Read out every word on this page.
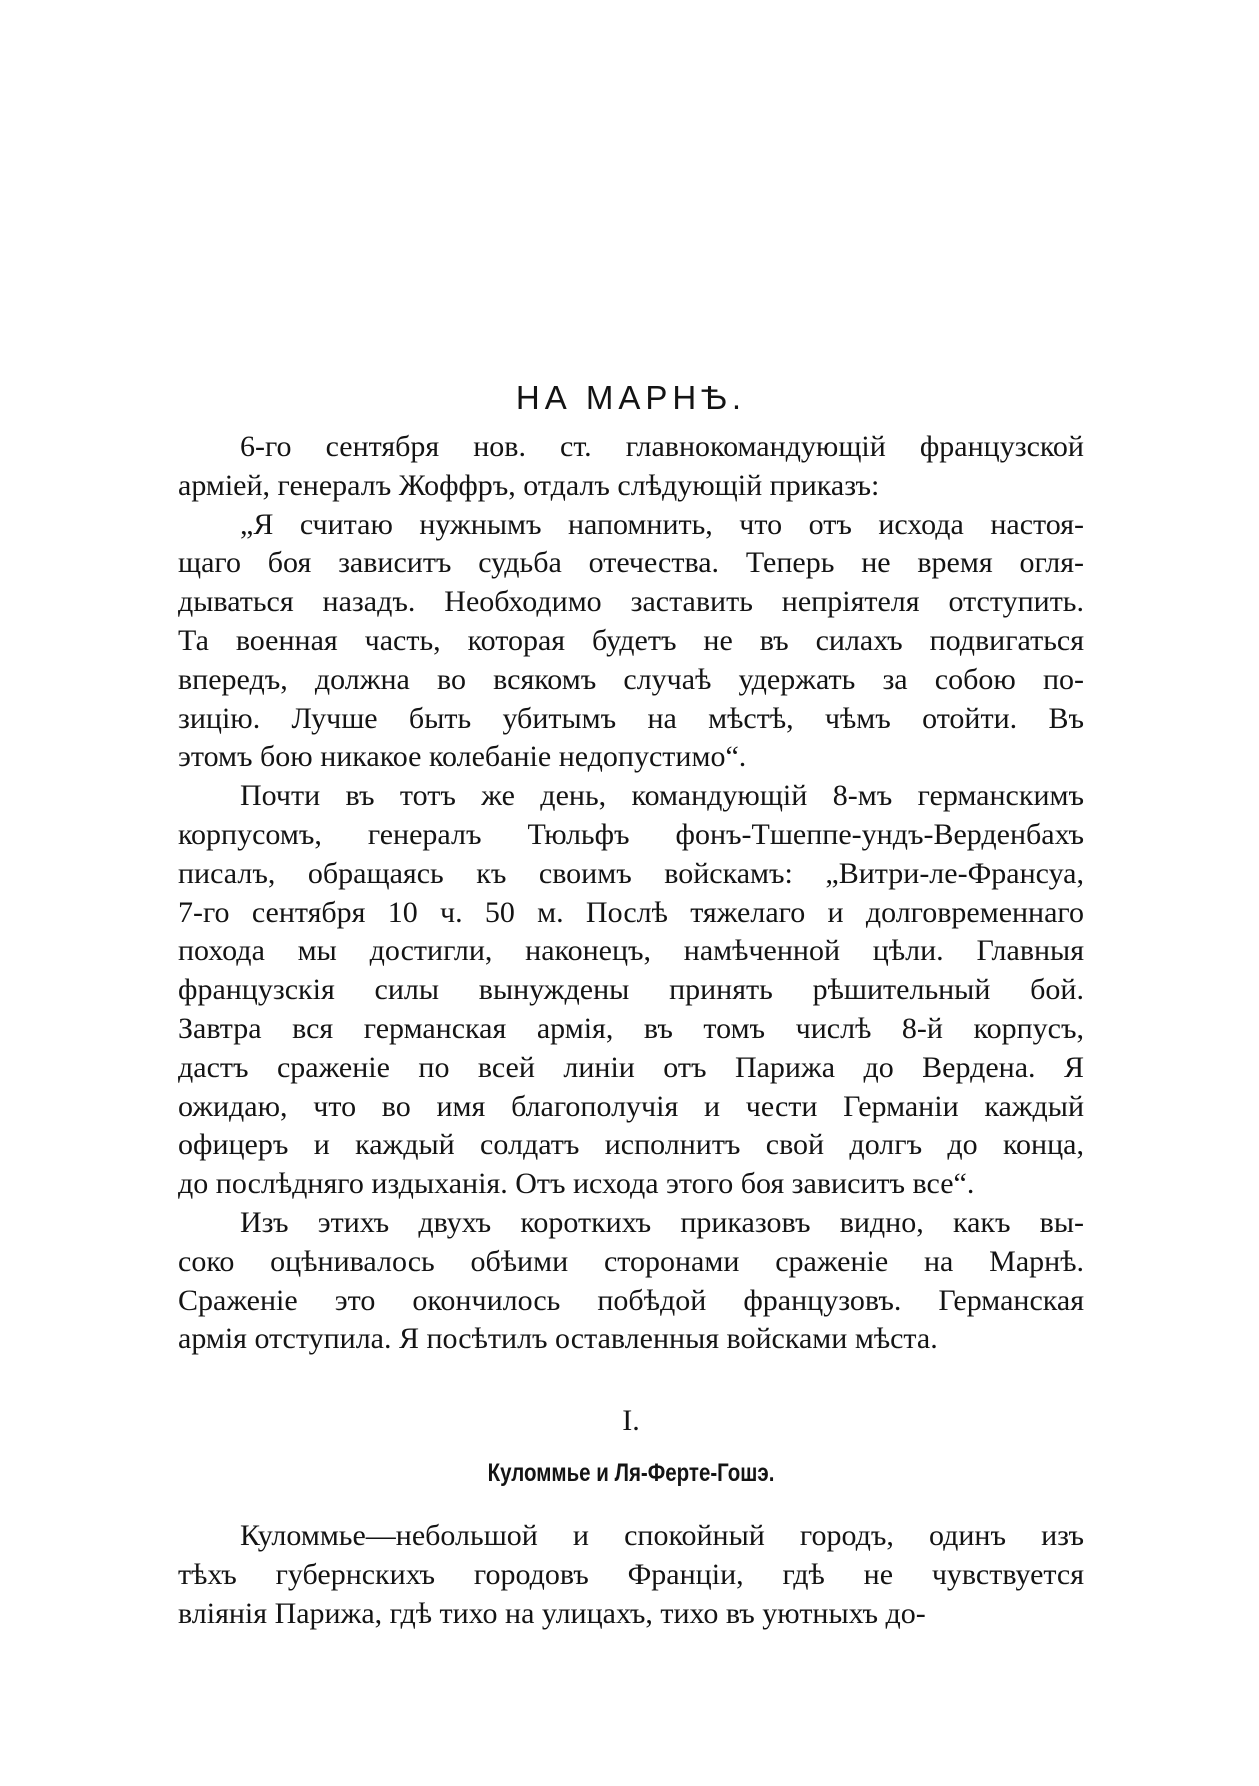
НА МАРНѢ.

6-го сентября нов. ст. главнокомандующій французской
арміей, генералъ Жоффръ, отдалъ слѣдующій приказъ:

„Я считаю нужнымъ напомнить, что отъ исхода настоя-
щаго боя зависитъ судьба отечества. Теперь не время огля-
дываться назадъ. Необходимо заставить непріятеля отступить.
Та военная часть, которая будетъ не въ силахъ подвигаться
впередъ, должна во всякомъ случаѣ удержать за собою по-
зицію. Лучше быть убитымъ на мѣстѣ, чѣмъ отойти. Въ
этомъ бою никакое колебаніе недопустимо“.

Почти въ тотъ же день, командующій 8-мъ германскимъ
корпусомъ, генералъ Тюльфъ фонъ-Тшеппе-ундъ-Верденбахъ
писалъ, обращаясь къ своимъ войскамъ: „Витри-ле-Франсуа,
7-го сентября 10 ч. 50 м. Послѣ тяжелаго и долговременнаго
похода мы достигли, наконецъ, намѣченной цѣли. Главныя
французскія силы вынуждены принять рѣшительный бой.
Завтра вся германская армія, въ томъ числѣ 8-й корпусъ,
дастъ сраженіе по всей линіи отъ Парижа до Вердена. Я
ожидаю, что во имя благополучія и чести Германіи каждый
офицеръ и каждый солдатъ исполнитъ свой долгъ до конца,
до послѣдняго издыханія. Отъ исхода этого боя зависитъ все“.

Изъ этихъ двухъ короткихъ приказовъ видно, какъ вы-
соко оцѣнивалось обѣими сторонами сраженіе на Марнѣ.
Сраженіе это окончилось побѣдой французовъ. Германская
армія отступила. Я посѣтилъ оставленныя войсками мѣста.

I.
Куломмье и Ля-Ферте-Гошэ.

Куломмье—небольшой и спокойный городъ, одинъ изъ
тѣхъ губернскихъ городовъ Франціи, гдѣ не чувствуется
вліянія Парижа, гдѣ тихо на улицахъ, тихо въ уютныхъ до-
